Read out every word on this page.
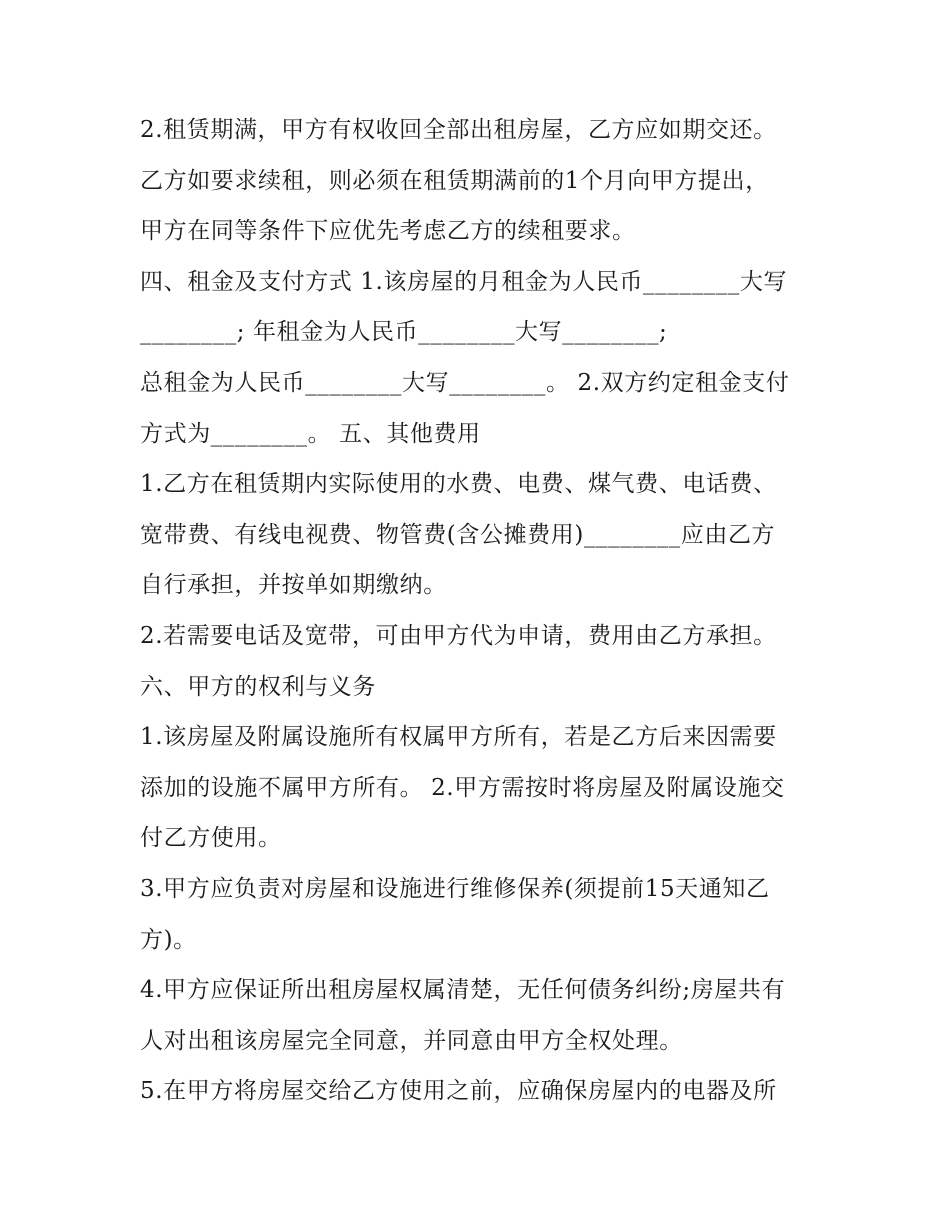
2.租赁期满，甲方有权收回全部出租房屋，乙方应如期交还。
乙方如要求续租，则必须在租赁期满前的1个月向甲方提出，
甲方在同等条件下应优先考虑乙方的续租要求。
四、租金及支付方式 1.该房屋的月租金为人民币________大写
________; 年租金为人民币________大写________;
总租金为人民币________大写________。 2.双方约定租金支付
方式为________。 五、其他费用
1.乙方在租赁期内实际使用的水费、电费、煤气费、电话费、
宽带费、有线电视费、物管费(含公摊费用)________应由乙方
自行承担，并按单如期缴纳。
2.若需要电话及宽带，可由甲方代为申请，费用由乙方承担。
六、甲方的权利与义务
1.该房屋及附属设施所有权属甲方所有，若是乙方后来因需要
添加的设施不属甲方所有。 2.甲方需按时将房屋及附属设施交
付乙方使用。
3.甲方应负责对房屋和设施进行维修保养(须提前15天通知乙
方)。
4.甲方应保证所出租房屋权属清楚，无任何债务纠纷;房屋共有
人对出租该房屋完全同意，并同意由甲方全权处理。
5.在甲方将房屋交给乙方使用之前，应确保房屋内的电器及所
